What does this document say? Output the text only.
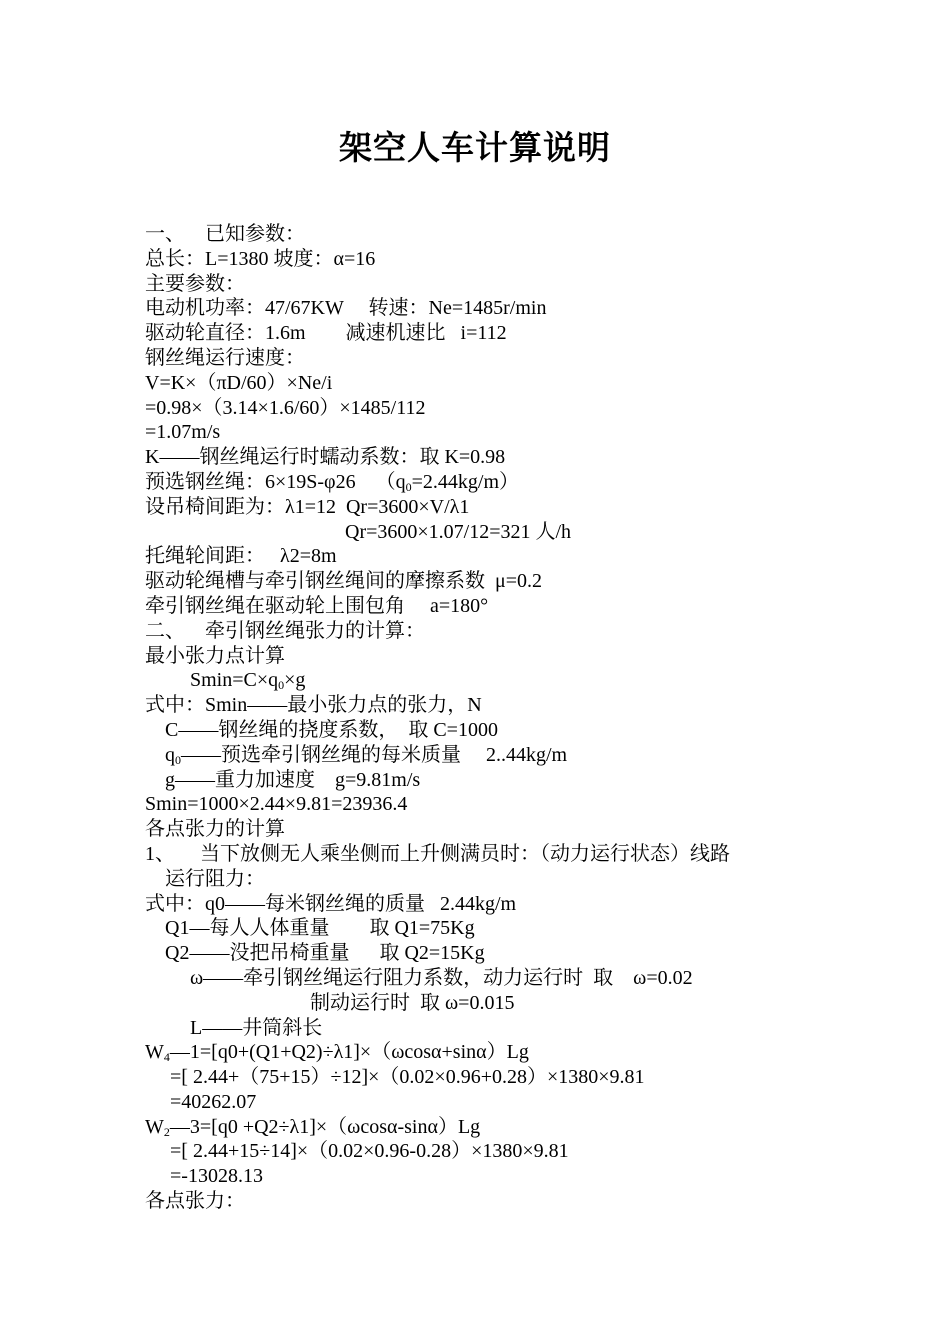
架空人车计算说明
一、    已知参数：
总长：L=1380 坡度：α=16
主要参数：
电动机功率：47/67KW     转速：Ne=1485r/min
驱动轮直径：1.6m        减速机速比   i=112
钢丝绳运行速度：
V=K×（πD/60）×Ne/i
=0.98×（3.14×1.6/60）×1485/112
=1.07m/s
K——钢丝绳运行时蠕动系数：取 K=0.98
预选钢丝绳：6×19S-φ26    $(q_0=2.44kg/m)$
设吊椅间距为：λ1=12  Qr=3600×V/λ1
Qr=3600×1.07/12=321 人/h
托绳轮间距：   λ2=8m
驱动轮绳槽与牵引钢丝绳间的摩擦系数  μ=0.2
牵引钢丝绳在驱动轮上围包角     a=180°
二、    牵引钢丝绳张力的计算：
最小张力点计算
$Smin=C\times q_0\times g$
式中：Smin——最小张力点的张力，N
C——钢丝绳的挠度系数，  取 C=1000
$q_0——$预选牵引钢丝绳的每米质量     2..44kg/m
g——重力加速度    g=9.81m/s
Smin=1000×2.44×9.81=23936.4
各点张力的计算
1、     当下放侧无人乘坐侧而上升侧满员时：（动力运行状态）线路
运行阻力：
式中：q0——每米钢丝绳的质量   2.44kg/m
Q1—每人人体重量        取 Q1=75Kg
Q2——没把吊椅重量      取 Q2=15Kg
ω——牵引钢丝绳运行阻力系数，动力运行时  取    ω=0.02
制动运行时  取 ω=0.015
L——井筒斜长
$W_4—1=[q0+(Q1+Q2)\div\lambda 1]\times(\omega\cos\alpha+\sin\alpha)Lg$
=[ 2.44+（75+15）÷12]×（0.02×0.96+0.28）×1380×9.81
=40262.07
$W_2—3=[q0 +Q2\div\lambda 1]\times(\omega\cos\alpha-\sin\alpha)Lg$
=[ 2.44+15÷14]×（0.02×0.96-0.28）×1380×9.81
=-13028.13
各点张力：
